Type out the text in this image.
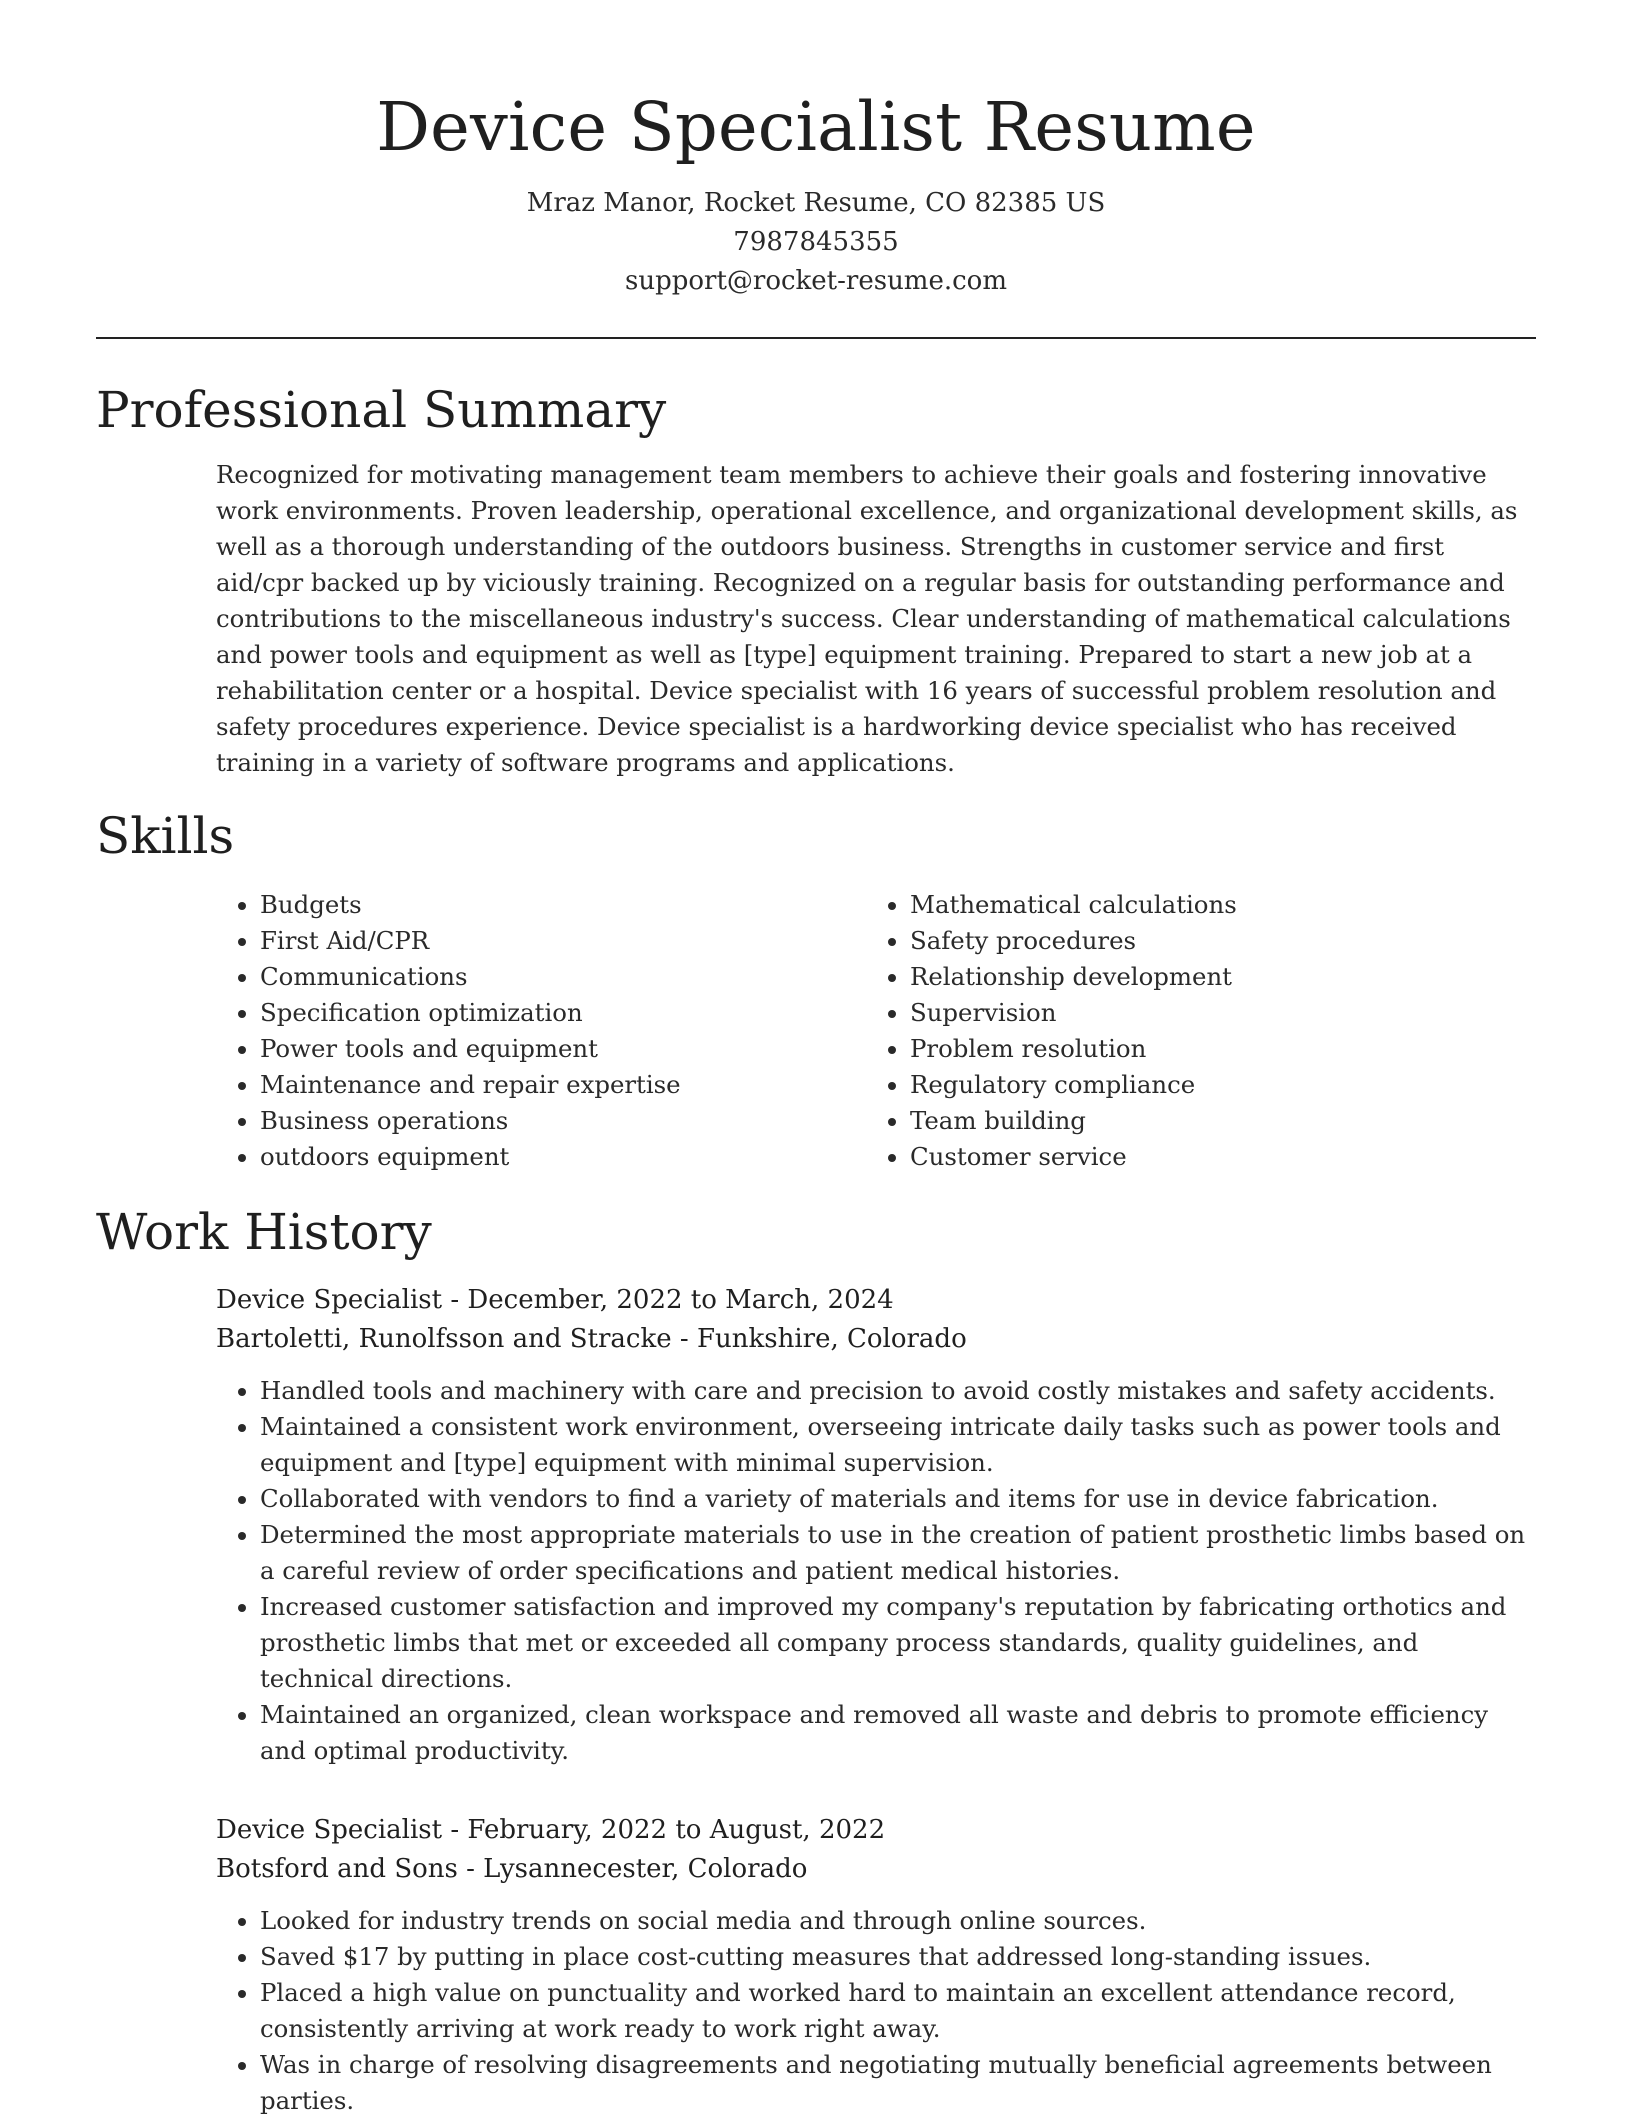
Device Specialist Resume
Mraz Manor, Rocket Resume, CO 82385 US
7987845355
support@rocket-resume.com
Professional Summary

Recognized for motivating management team members to achieve their goals and fostering innovative work environments. Proven leadership, operational excellence, and organizational development skills, as well as a thorough understanding of the outdoors business. Strengths in customer service and first aid/cpr backed up by viciously training. Recognized on a regular basis for outstanding performance and contributions to the miscellaneous industry's success. Clear understanding of mathematical calculations and power tools and equipment as well as [type] equipment training. Prepared to start a new job at a rehabilitation center or a hospital. Device specialist with 16 years of successful problem resolution and safety procedures experience. Device specialist is a hardworking device specialist who has received training in a variety of software programs and applications.

Skills
• Budgets
• First Aid/CPR
• Communications
• Specification optimization
• Power tools and equipment
• Maintenance and repair expertise
• Business operations
• outdoors equipment
• Mathematical calculations
• Safety procedures
• Relationship development
• Supervision
• Problem resolution
• Regulatory compliance
• Team building
• Customer service
Work History
Device Specialist - December, 2022 to March, 2024
Bartoletti, Runolfsson and Stracke - Funkshire, Colorado
• Handled tools and machinery with care and precision to avoid costly mistakes and safety accidents.
• Maintained a consistent work environment, overseeing intricate daily tasks such as power tools and equipment and [type] equipment with minimal supervision.
• Collaborated with vendors to find a variety of materials and items for use in device fabrication.
• Determined the most appropriate materials to use in the creation of patient prosthetic limbs based on a careful review of order specifications and patient medical histories.
• Increased customer satisfaction and improved my company's reputation by fabricating orthotics and prosthetic limbs that met or exceeded all company process standards, quality guidelines, and technical directions.
• Maintained an organized, clean workspace and removed all waste and debris to promote efficiency and optimal productivity.
Device Specialist - February, 2022 to August, 2022
Botsford and Sons - Lysannecester, Colorado
• Looked for industry trends on social media and through online sources.
• Saved $17 by putting in place cost-cutting measures that addressed long-standing issues.
• Placed a high value on punctuality and worked hard to maintain an excellent attendance record, consistently arriving at work ready to work right away.
• Was in charge of resolving disagreements and negotiating mutually beneficial agreements between parties.
